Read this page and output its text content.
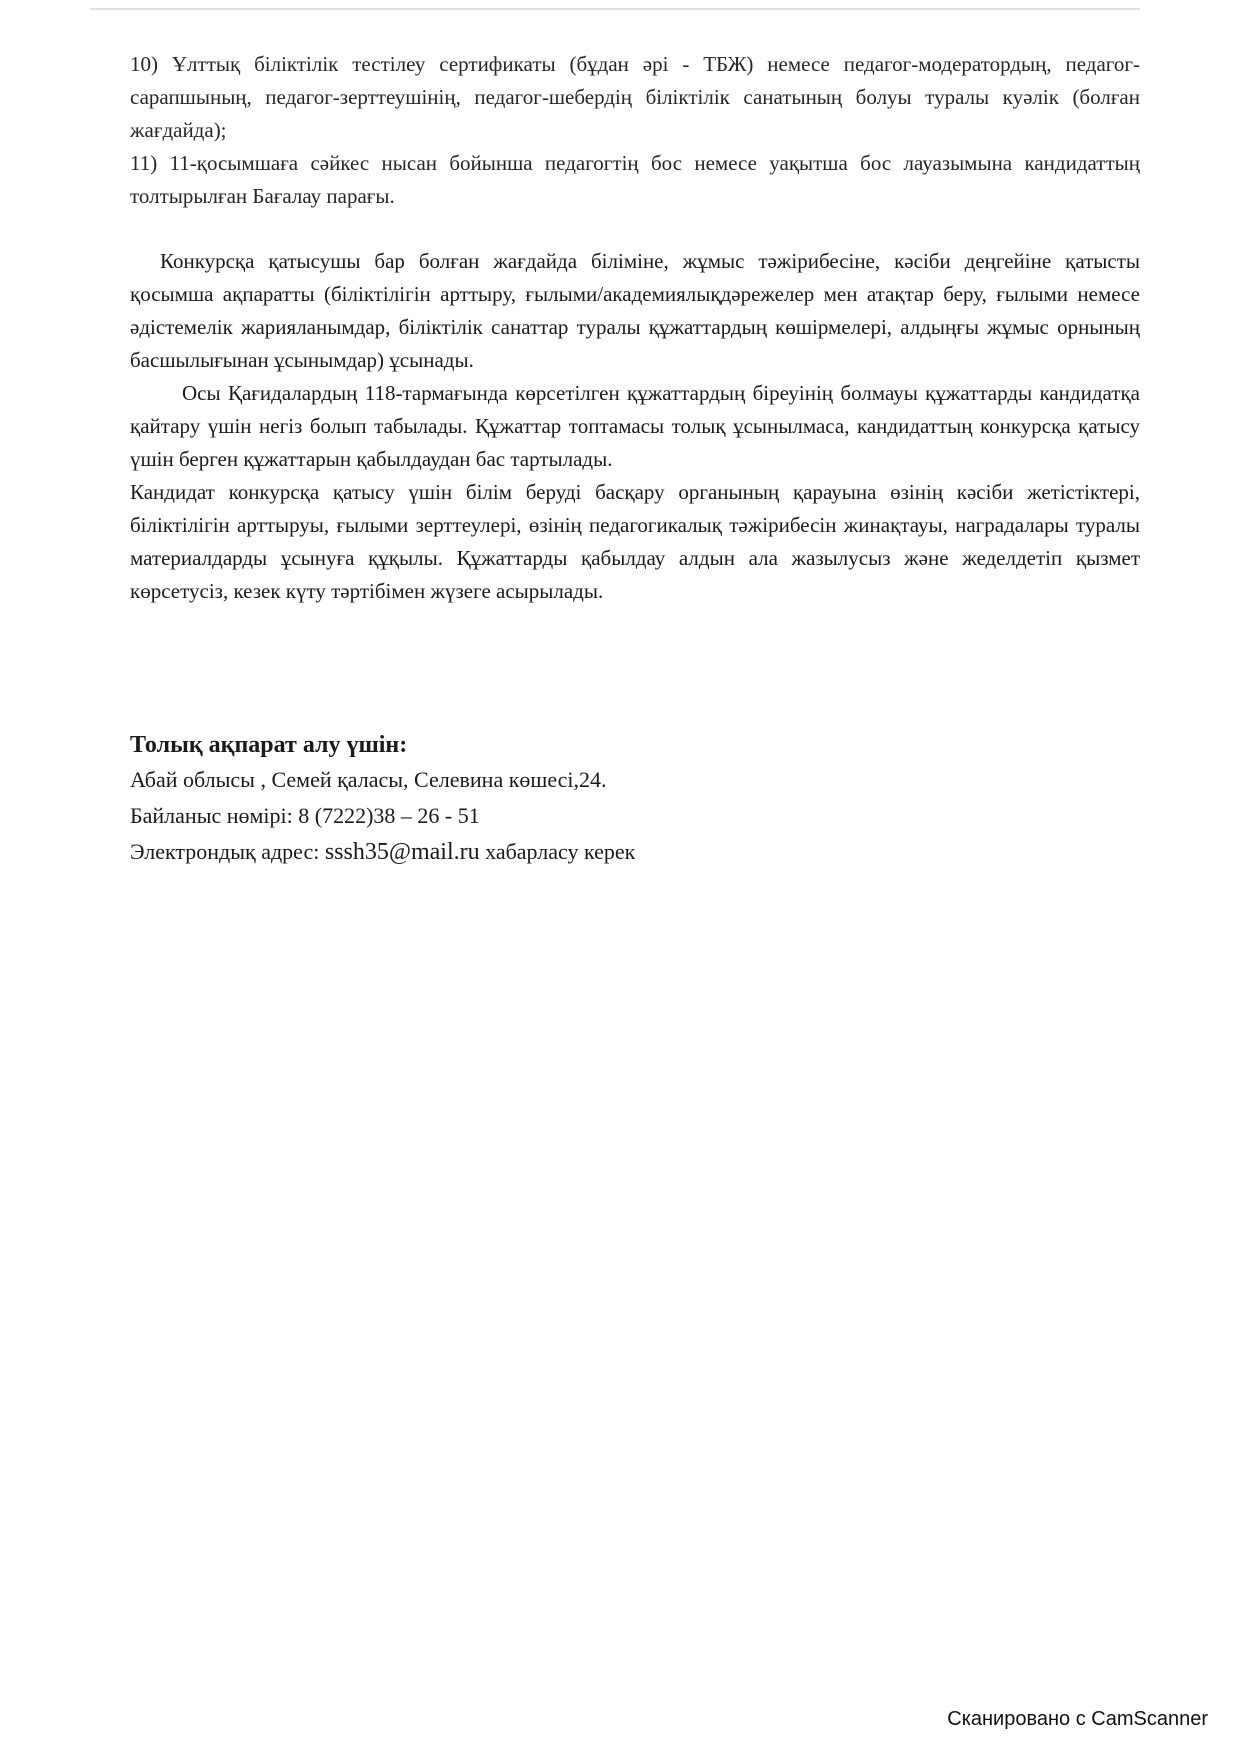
10) Ұлттық біліктілік тестілеу сертификаты (бұдан әрі - ТБЖ) немесе педагог-модератордың, педагог-сарапшының, педагог-зерттеушінің, педагог-шебердің біліктілік санатының болуы туралы куәлік (болған жағдайда);

11) 11-қосымшаға сәйкес нысан бойынша педагогтің бос немесе уақытша бос лауазымына кандидаттың толтырылған Бағалау парағы.

Конкурсқа қатысушы бар болған жағдайда біліміне, жұмыс тәжірибесіне, кәсіби деңгейіне қатысты қосымша ақпаратты (біліктілігін арттыру, ғылыми/академиялықдәрежелер мен атақтар беру, ғылыми немесе әдістемелік жарияланымдар, біліктілік санаттар туралы құжаттардың көшірмелері, алдыңғы жұмыс орнының басшылығынан ұсынымдар) ұсынады.

Осы Қағидалардың 118-тармағында көрсетілген құжаттардың біреуінің болмауы құжаттарды кандидатқа қайтару үшін негіз болып табылады. Құжаттар топтамасы толық ұсынылмаса, кандидаттың конкурсқа қатысу үшін берген құжаттарын қабылдаудан бас тартылады.

Кандидат конкурсқа қатысу үшін білім беруді басқару органының қарауына өзінің кәсіби жетістіктері, біліктілігін арттыруы, ғылыми зерттеулері, өзінің педагогикалық тәжірибесін жинақтауы, наградалары туралы материалдарды ұсынуға құқылы. Құжаттарды қабылдау алдын ала жазылусыз және жеделдетіп қызмет көрсетусіз, кезек күту тәртібімен жүзеге асырылады.

Толық ақпарат алу үшін:

Абай облысы , Семей қаласы, Селевина көшесі,24.

Байланыс нөмірі: 8 (7222)38 – 26 - 51

Электрондық адрес: sssh35@mail.ru хабарласу керек

Сканировано с CamScanner
